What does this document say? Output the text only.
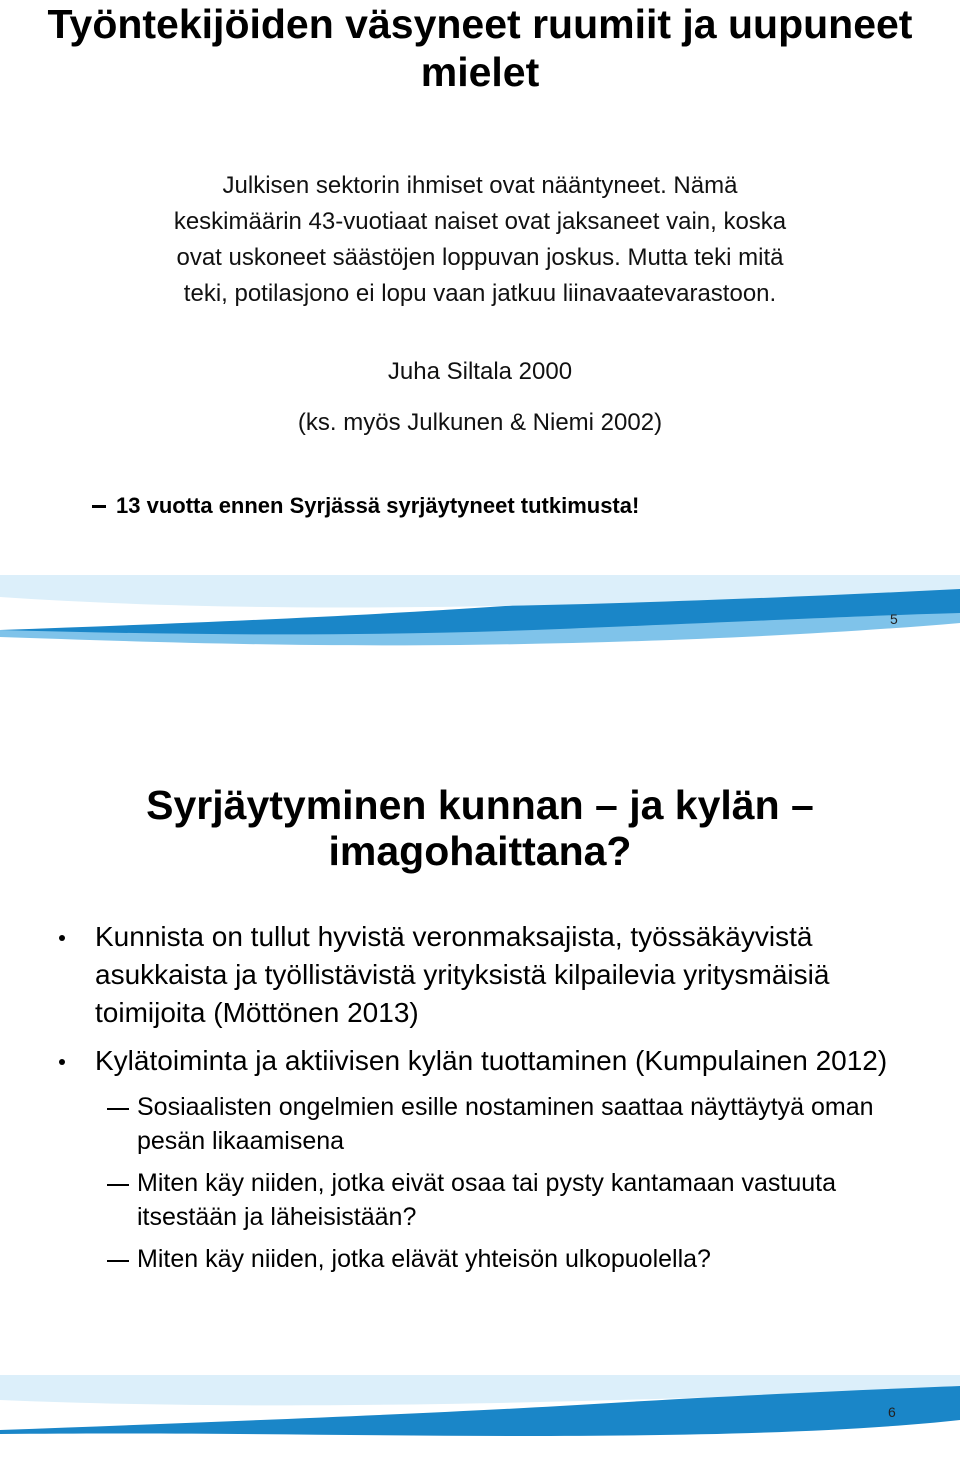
Työntekijöiden väsyneet ruumiit ja uupuneet mielet
Julkisen sektorin ihmiset ovat nääntyneet. Nämä
keskimäärin 43-vuotiaat naiset ovat jaksaneet vain, koska
ovat uskoneet säästöjen loppuvan joskus. Mutta teki mitä
teki, potilasjono ei lopu vaan jatkuu liinavaatevarastoon.
Juha Siltala 2000
(ks. myös Julkunen & Niemi 2002)
13 vuotta ennen Syrjässä syrjäytyneet tutkimusta!
5
Syrjäytyminen kunnan – ja kylän –
imagohaittana?
Kunnista on tullut hyvistä veronmaksajista, työssäkäyvistä asukkaista ja työllistävistä yrityksistä kilpailevia yritysmäisiä toimijoita (Möttönen 2013)
Kylätoiminta ja aktiivisen kylän tuottaminen (Kumpulainen 2012)
Sosiaalisten ongelmien esille nostaminen saattaa näyttäytyä oman pesän likaamisena
Miten käy niiden, jotka eivät osaa tai pysty kantamaan vastuuta itsestään ja läheisistään?
Miten käy niiden, jotka elävät yhteisön ulkopuolella?
6
